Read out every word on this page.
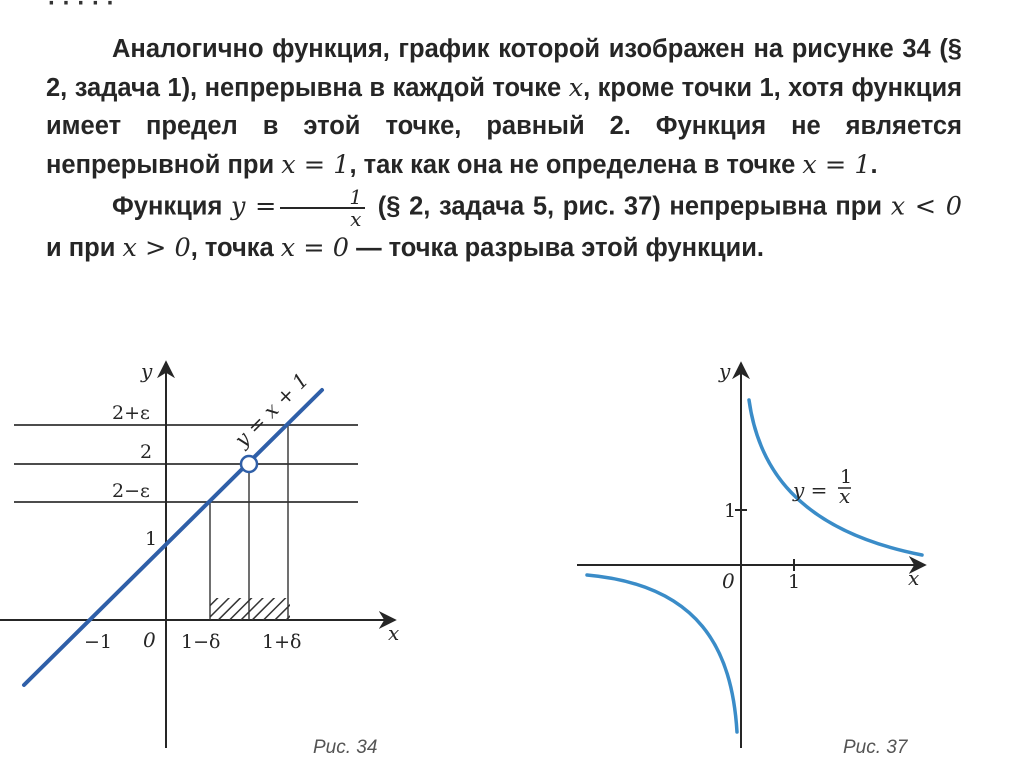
· · · · ·

Аналогично функция, график которой изображен на рисунке 34 (§ 2, задача 1), непрерывна в каждой точке x, кроме точки 1, хотя функция имеет предел в этой точке, равный 2. Функция не является непрерывной при x = 1, так как она не определена в точке x = 1.

Функция $y = \frac{1}{x}$ (§ 2, задача 5, рис. 37) непрерывна при x < 0 и при x > 0, точка x = 0 — точка разрыва этой функции.

y = x + 1
2+ε
2
2−ε
1
y
x
0
−1	1−δ 1+δ
Рис. 34
y
x
0
1
1
y =
1
x
Рис. 37
